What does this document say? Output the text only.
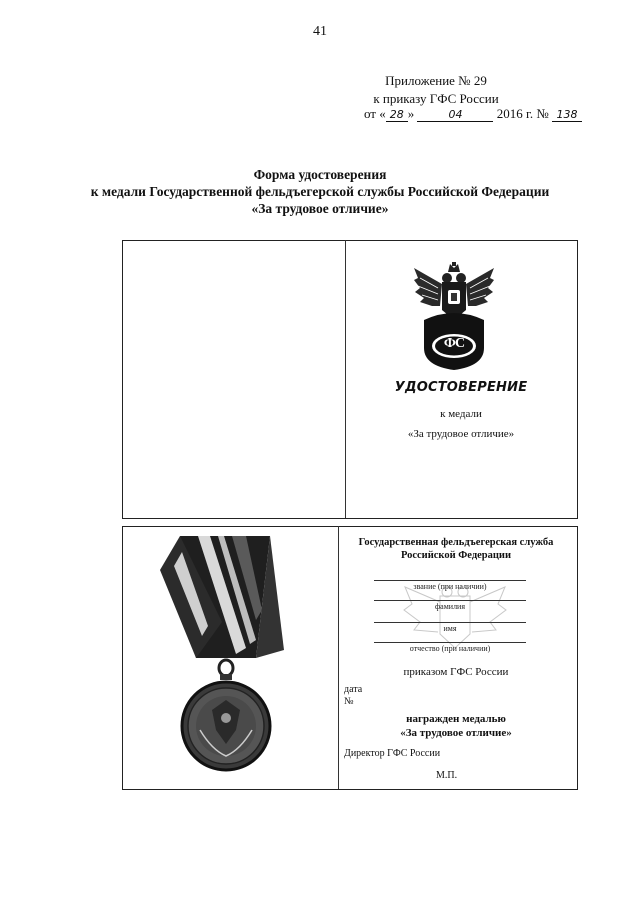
41
Приложение № 29
к приказу ГФС России
от « 28 »	04	2016 г. № 138
Форма удостоверения
к медали Государственной фельдъегерской службы Российской Федерации
«За трудовое отличие»
ФС
УДОСТОВЕРЕНИЕ
к медали
«За трудовое отличие»
Государственная фельдъегерская служба
Российской Федерации
звание (при наличии)
фамилия
имя
отчество (при наличии)
приказом ГФС России
дата
№
награжден медалью
«За трудовое отличие»
Директор ГФС России
М.П.
